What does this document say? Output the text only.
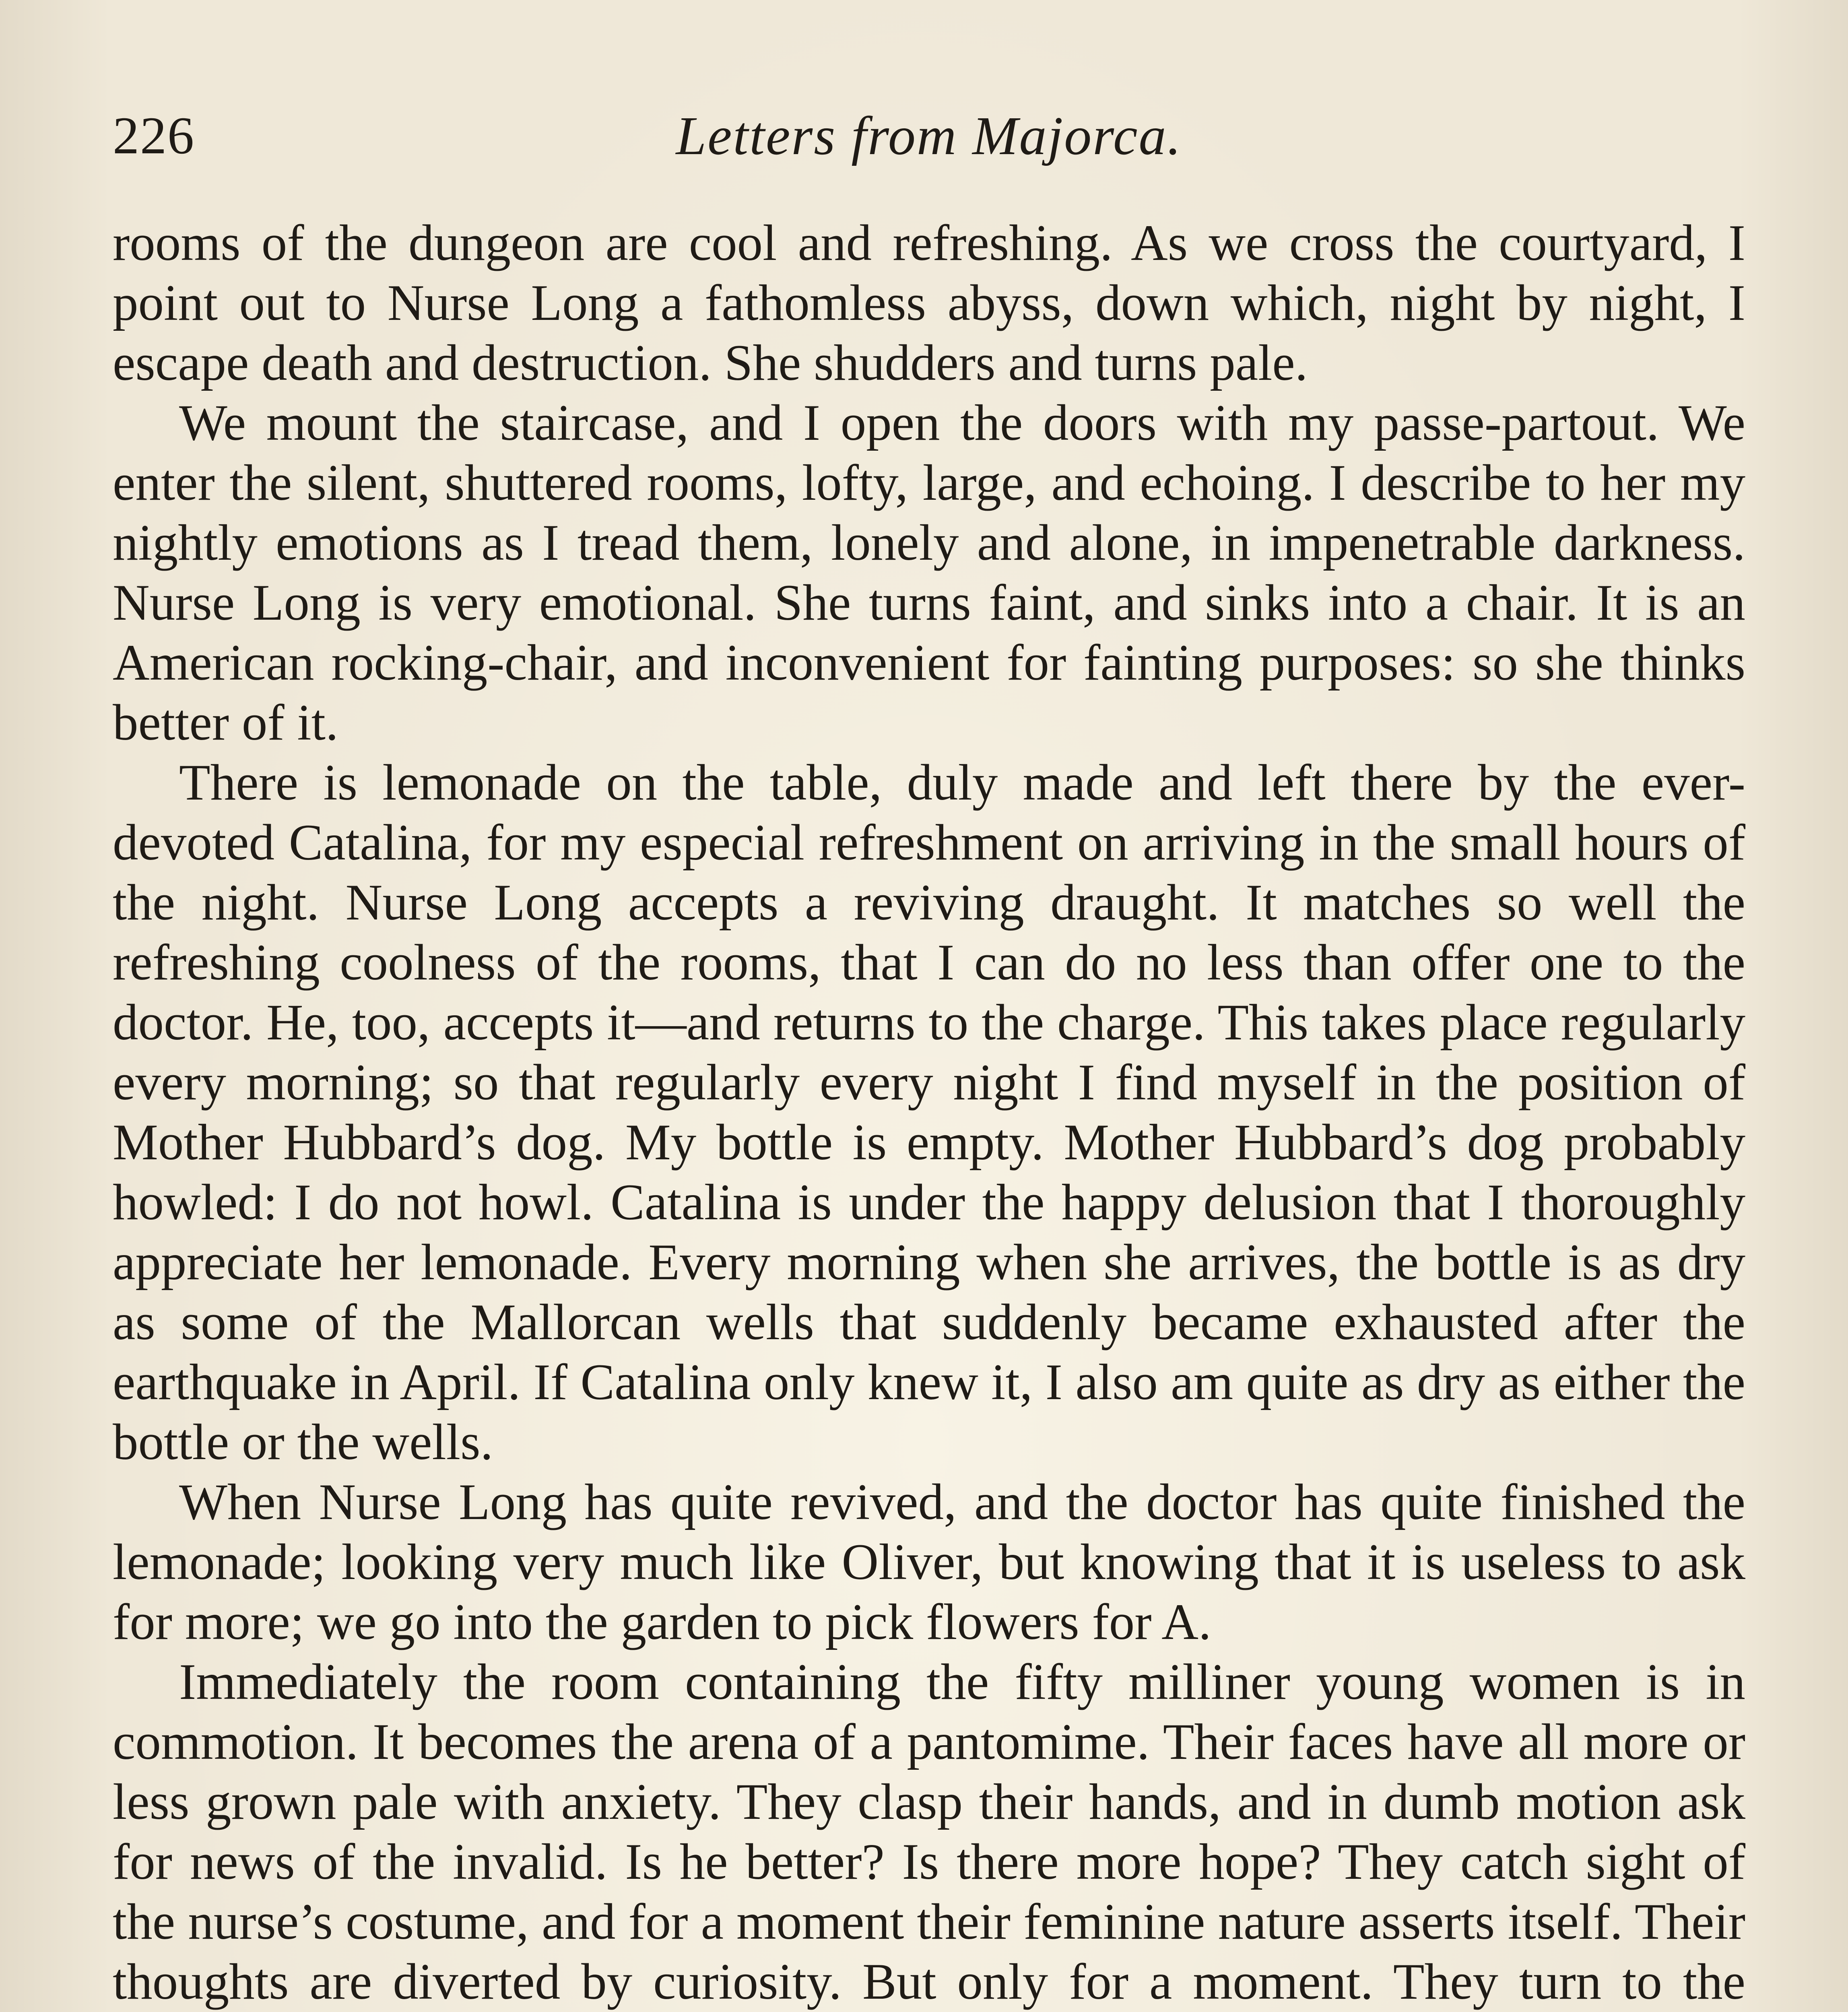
226	Letters from Majorca.

rooms of the dungeon are cool and refreshing. As we cross the courtyard, I point out to Nurse Long a fathomless abyss, down which, night by night, I escape death and destruction. She shudders and turns pale.

We mount the staircase, and I open the doors with my passe-partout. We enter the silent, shuttered rooms, lofty, large, and echoing. I describe to her my nightly emotions as I tread them, lonely and alone, in impenetrable darkness. Nurse Long is very emotional. She turns faint, and sinks into a chair. It is an American rocking-chair, and inconvenient for fainting purposes: so she thinks better of it.

There is lemonade on the table, duly made and left there by the ever-devoted Catalina, for my especial refreshment on arriving in the small hours of the night. Nurse Long accepts a reviving draught. It matches so well the refreshing coolness of the rooms, that I can do no less than offer one to the doctor. He, too, accepts it—and returns to the charge. This takes place regularly every morning; so that regularly every night I find myself in the position of Mother Hubbard’s dog. My bottle is empty. Mother Hubbard’s dog probably howled: I do not howl. Catalina is under the happy delusion that I thoroughly appreciate her lemonade. Every morning when she arrives, the bottle is as dry as some of the Mallorcan wells that suddenly became exhausted after the earthquake in April. If Catalina only knew it, I also am quite as dry as either the bottle or the wells.

When Nurse Long has quite revived, and the doctor has quite finished the lemonade; looking very much like Oliver, but knowing that it is useless to ask for more; we go into the garden to pick flowers for A.

Immediately the room containing the fifty milliner young women is in commotion. It becomes the arena of a pantomime. Their faces have all more or less grown pale with anxiety. They clasp their hands, and in dumb motion ask for news of the invalid. Is he better? Is there more hope? They catch sight of the nurse’s costume, and for a moment their feminine nature asserts itself. Their thoughts are diverted by curiosity. But only for a moment. They turn to the
